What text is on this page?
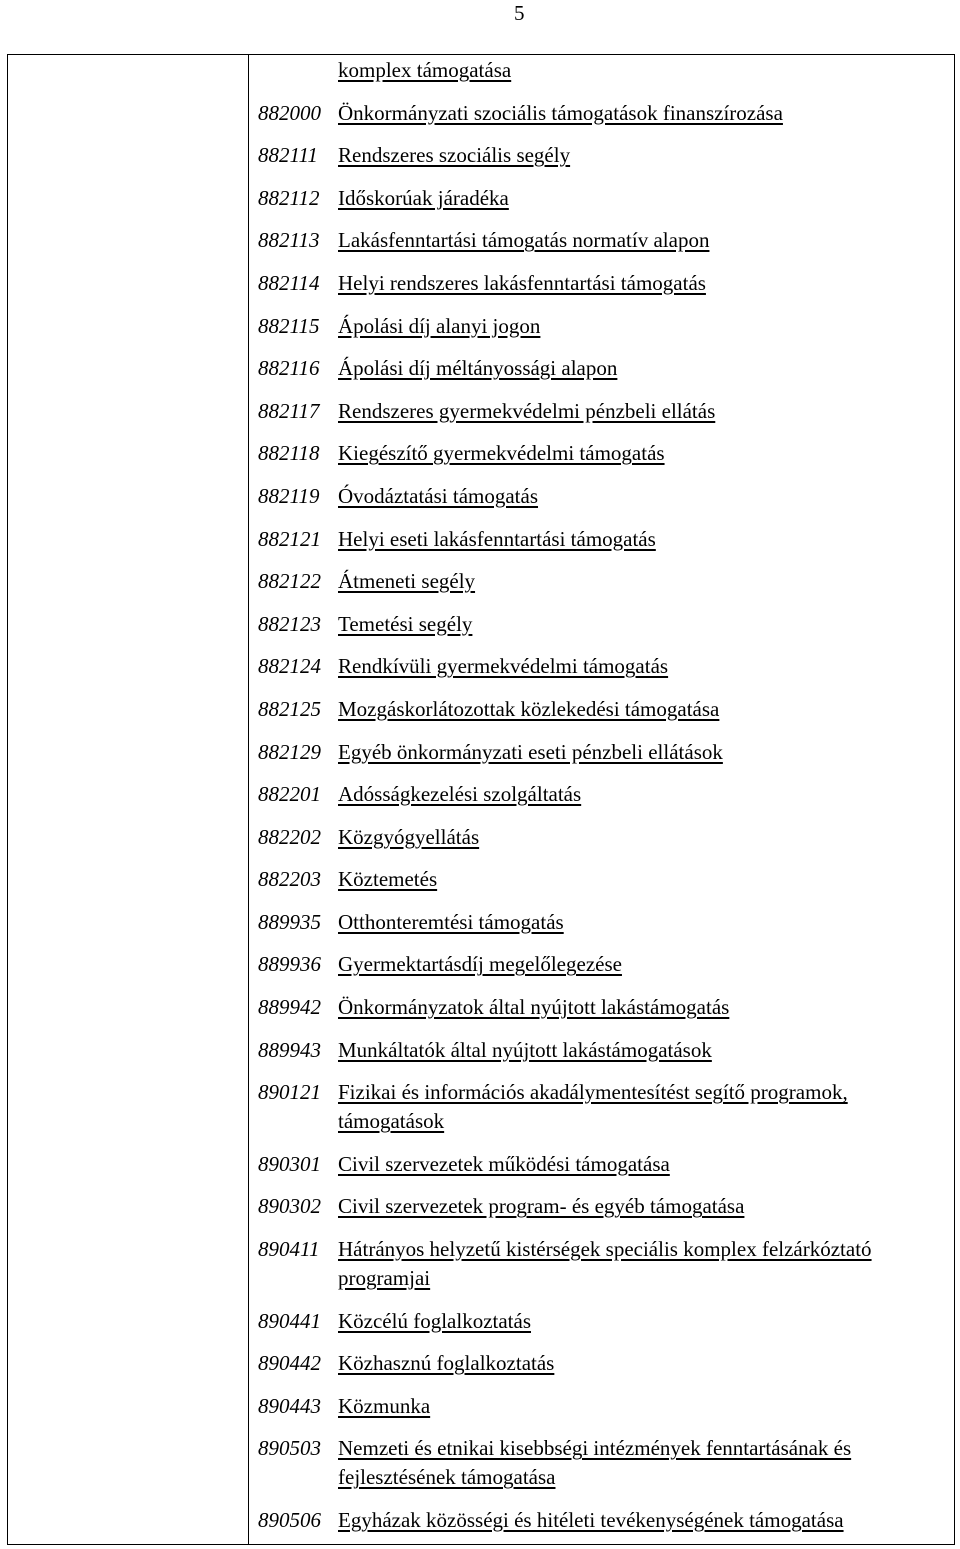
5
komplex támogatása
882000 Önkormányzati szociális támogatások finanszírozása
882111 Rendszeres szociális segély
882112 Időskorúak járadéka
882113 Lakásfenntartási támogatás normatív alapon
882114 Helyi rendszeres lakásfenntartási támogatás
882115 Ápolási díj alanyi jogon
882116 Ápolási díj méltányossági alapon
882117 Rendszeres gyermekvédelmi pénzbeli ellátás
882118 Kiegészítő gyermekvédelmi támogatás
882119 Óvodáztatási támogatás
882121 Helyi eseti lakásfenntartási támogatás
882122 Átmeneti segély
882123 Temetési segély
882124 Rendkívüli gyermekvédelmi támogatás
882125 Mozgáskorlátozottak közlekedési támogatása
882129 Egyéb önkormányzati eseti pénzbeli ellátások
882201 Adósságkezelési szolgáltatás
882202 Közgyógyellátás
882203 Köztemetés
889935 Otthonteremtési támogatás
889936 Gyermektartásdíj megelőlegezése
889942 Önkormányzatok által nyújtott lakástámogatás
889943 Munkáltatók által nyújtott lakástámogatások
890121 Fizikai és információs akadálymentesítést segítő programok, támogatások
890301 Civil szervezetek működési támogatása
890302 Civil szervezetek program- és egyéb támogatása
890411 Hátrányos helyzetű kistérségek speciális komplex felzárkóztató programjai
890441 Közcélú foglalkoztatás
890442 Közhasznú foglalkoztatás
890443 Közmunka
890503 Nemzeti és etnikai kisebbségi intézmények fenntartásának és fejlesztésének támogatása
890506 Egyházak közösségi és hitéleti tevékenységének támogatása
